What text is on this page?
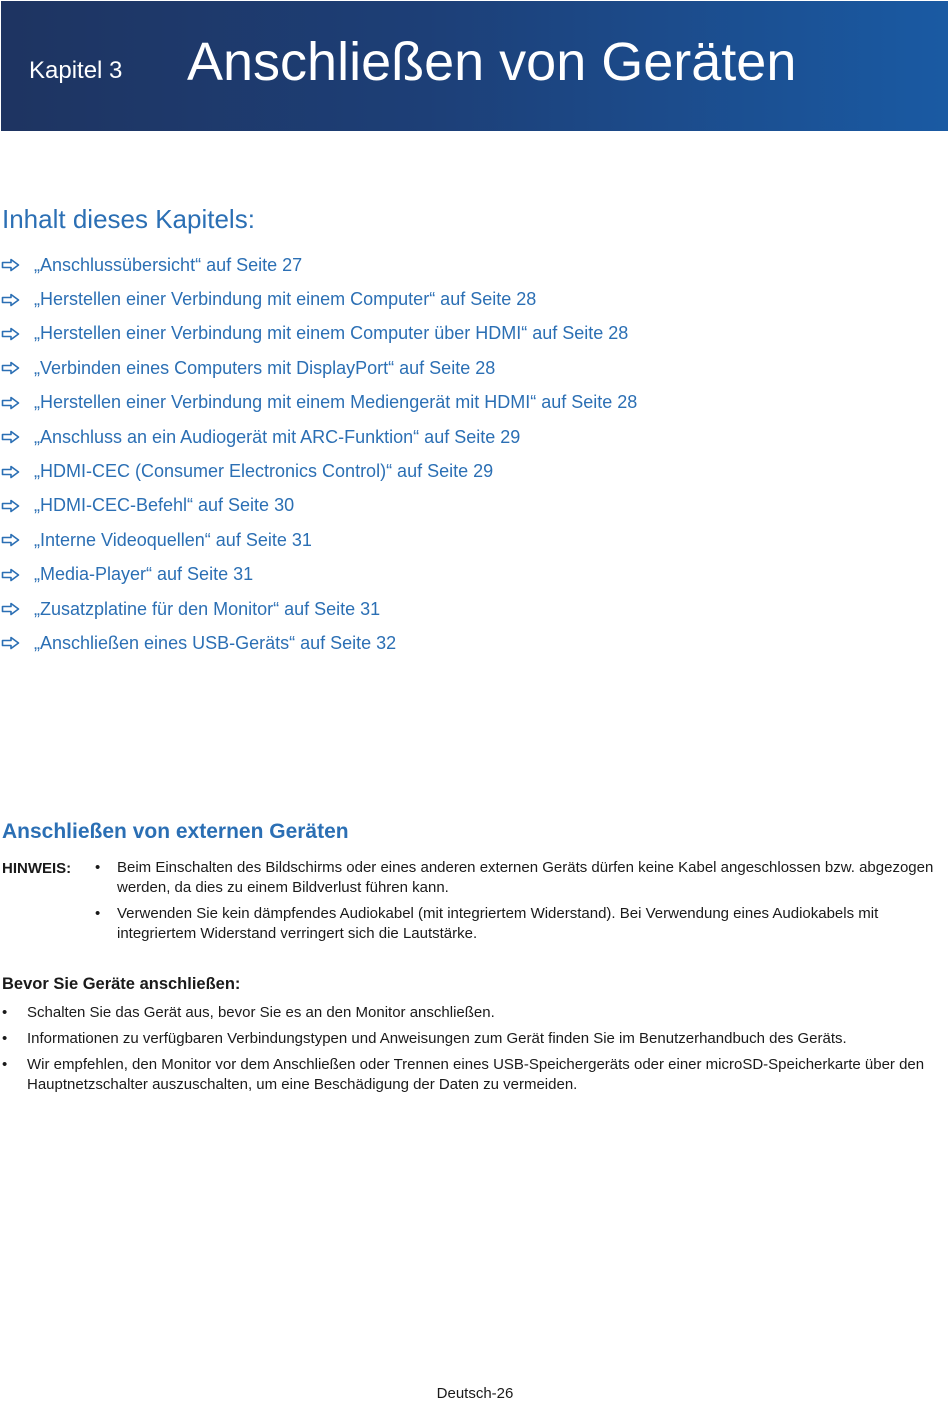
Kapitel 3 Anschließen von Geräten
Inhalt dieses Kapitels:
„Anschlussübersicht“ auf Seite 27
„Herstellen einer Verbindung mit einem Computer“ auf Seite 28
„Herstellen einer Verbindung mit einem Computer über HDMI“ auf Seite 28
„Verbinden eines Computers mit DisplayPort“ auf Seite 28
„Herstellen einer Verbindung mit einem Mediengerät mit HDMI“ auf Seite 28
„Anschluss an ein Audiogerät mit ARC-Funktion“ auf Seite 29
„HDMI-CEC (Consumer Electronics Control)“ auf Seite 29
„HDMI-CEC-Befehl“ auf Seite 30
„Interne Videoquellen“ auf Seite 31
„Media-Player“ auf Seite 31
„Zusatzplatine für den Monitor“ auf Seite 31
„Anschließen eines USB-Geräts“ auf Seite 32
Anschließen von externen Geräten
HINWEIS: • Beim Einschalten des Bildschirms oder eines anderen externen Geräts dürfen keine Kabel angeschlossen bzw. abgezogen werden, da dies zu einem Bildverlust führen kann.
• Verwenden Sie kein dämpfendes Audiokabel (mit integriertem Widerstand). Bei Verwendung eines Audiokabels mit integriertem Widerstand verringert sich die Lautstärke.
Bevor Sie Geräte anschließen:
• Schalten Sie das Gerät aus, bevor Sie es an den Monitor anschließen.
• Informationen zu verfügbaren Verbindungstypen und Anweisungen zum Gerät finden Sie im Benutzerhandbuch des Geräts.
• Wir empfehlen, den Monitor vor dem Anschließen oder Trennen eines USB-Speichergeräts oder einer microSD-Speicherkarte über den Hauptnetzschalter auszuschalten, um eine Beschädigung der Daten zu vermeiden.
Deutsch-26
